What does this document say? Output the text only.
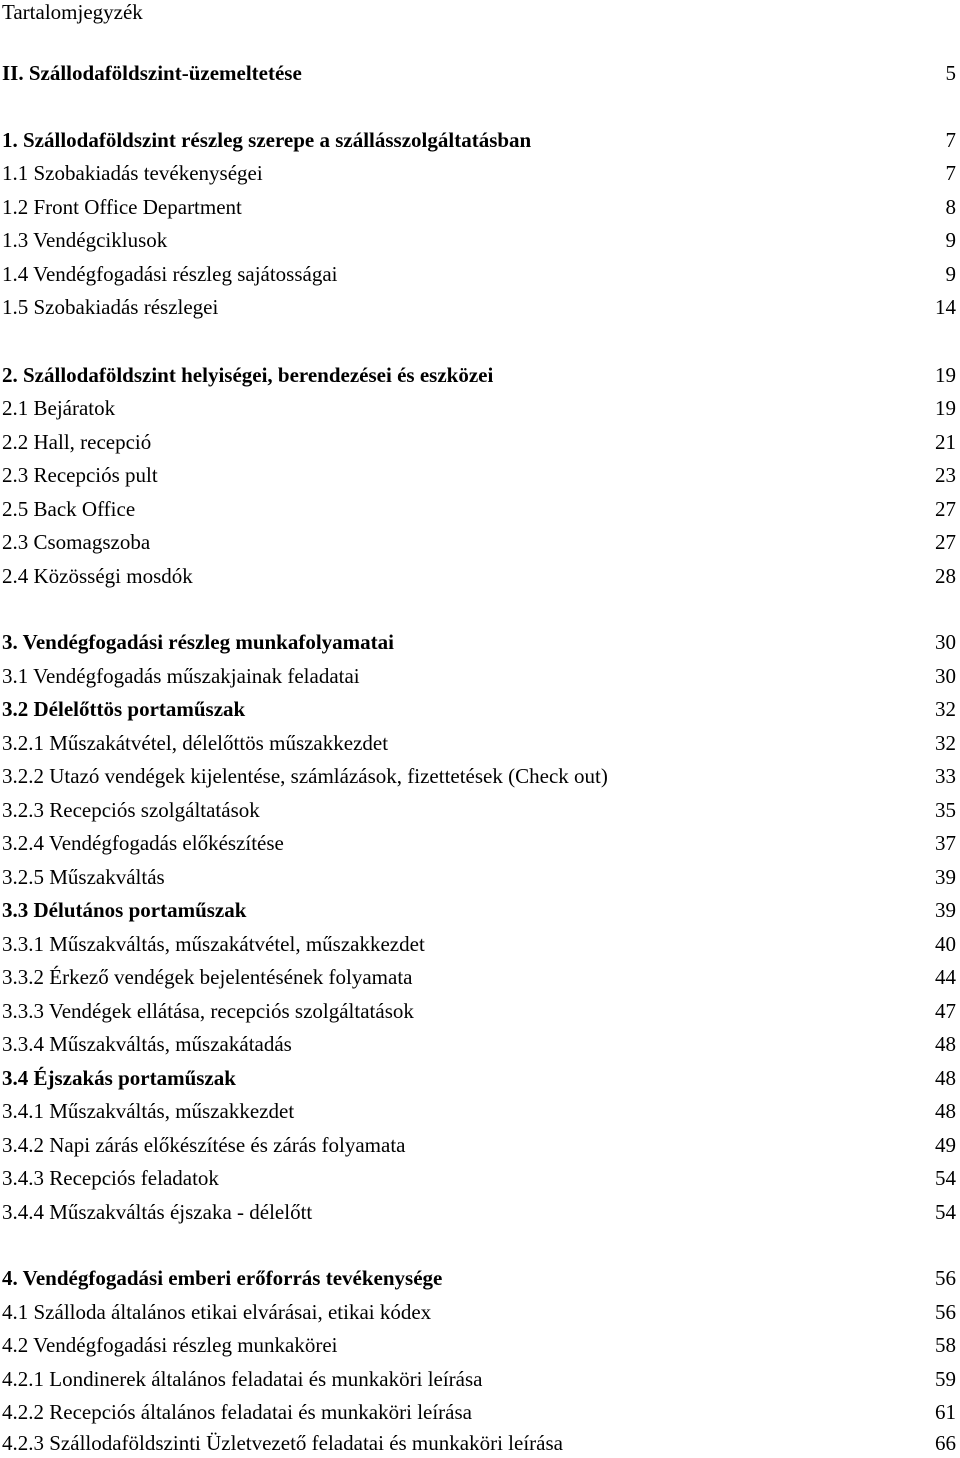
Tartalomjegyzék
II. Szállodaföldszint-üzemeltetése	5
1. Szállodaföldszint részleg szerepe a szállásszolgáltatásban	7
1.1 Szobakiadás tevékenységei	7
1.2 Front Office Department	8
1.3 Vendégciklusok	9
1.4 Vendégfogadási részleg sajátosságai	9
1.5 Szobakiadás részlegei	14
2. Szállodaföldszint helyiségei, berendezései és eszközei	19
2.1 Bejáratok	19
2.2 Hall, recepció	21
2.3 Recepciós pult	23
2.5 Back Office	27
2.3 Csomagszoba	27
2.4 Közösségi mosdók	28
3. Vendégfogadási részleg munkafolyamatai	30
3.1 Vendégfogadás műszakjainak feladatai	30
3.2 Délelőttös portaműszak	32
3.2.1 Műszakátvétel, délelőttös műszakkezdet	32
3.2.2 Utazó vendégek kijelentése, számlázások, fizettetések (Check out)	33
3.2.3 Recepciós szolgáltatások	35
3.2.4 Vendégfogadás előkészítése	37
3.2.5 Műszakváltás	39
3.3 Délutános portaműszak	39
3.3.1 Műszakváltás, műszakátvétel, műszakkezdet	40
3.3.2 Érkező vendégek bejelentésének folyamata	44
3.3.3 Vendégek ellátása, recepciós szolgáltatások	47
3.3.4 Műszakváltás, műszakátadás	48
3.4 Éjszakás portaműszak	48
3.4.1 Műszakváltás, műszakkezdet	48
3.4.2 Napi zárás előkészítése és zárás folyamata	49
3.4.3 Recepciós feladatok	54
3.4.4 Műszakváltás éjszaka - délelőtt	54
4. Vendégfogadási emberi erőforrás tevékenysége	56
4.1 Szálloda általános etikai elvárásai, etikai kódex	56
4.2 Vendégfogadási részleg munkakörei	58
4.2.1 Londinerek általános feladatai és munkaköri leírása	59
4.2.2 Recepciós általános feladatai és munkaköri leírása	61
4.2.3 Szállodaföldszinti Üzletvezető feladatai és munkaköri leírása	66
